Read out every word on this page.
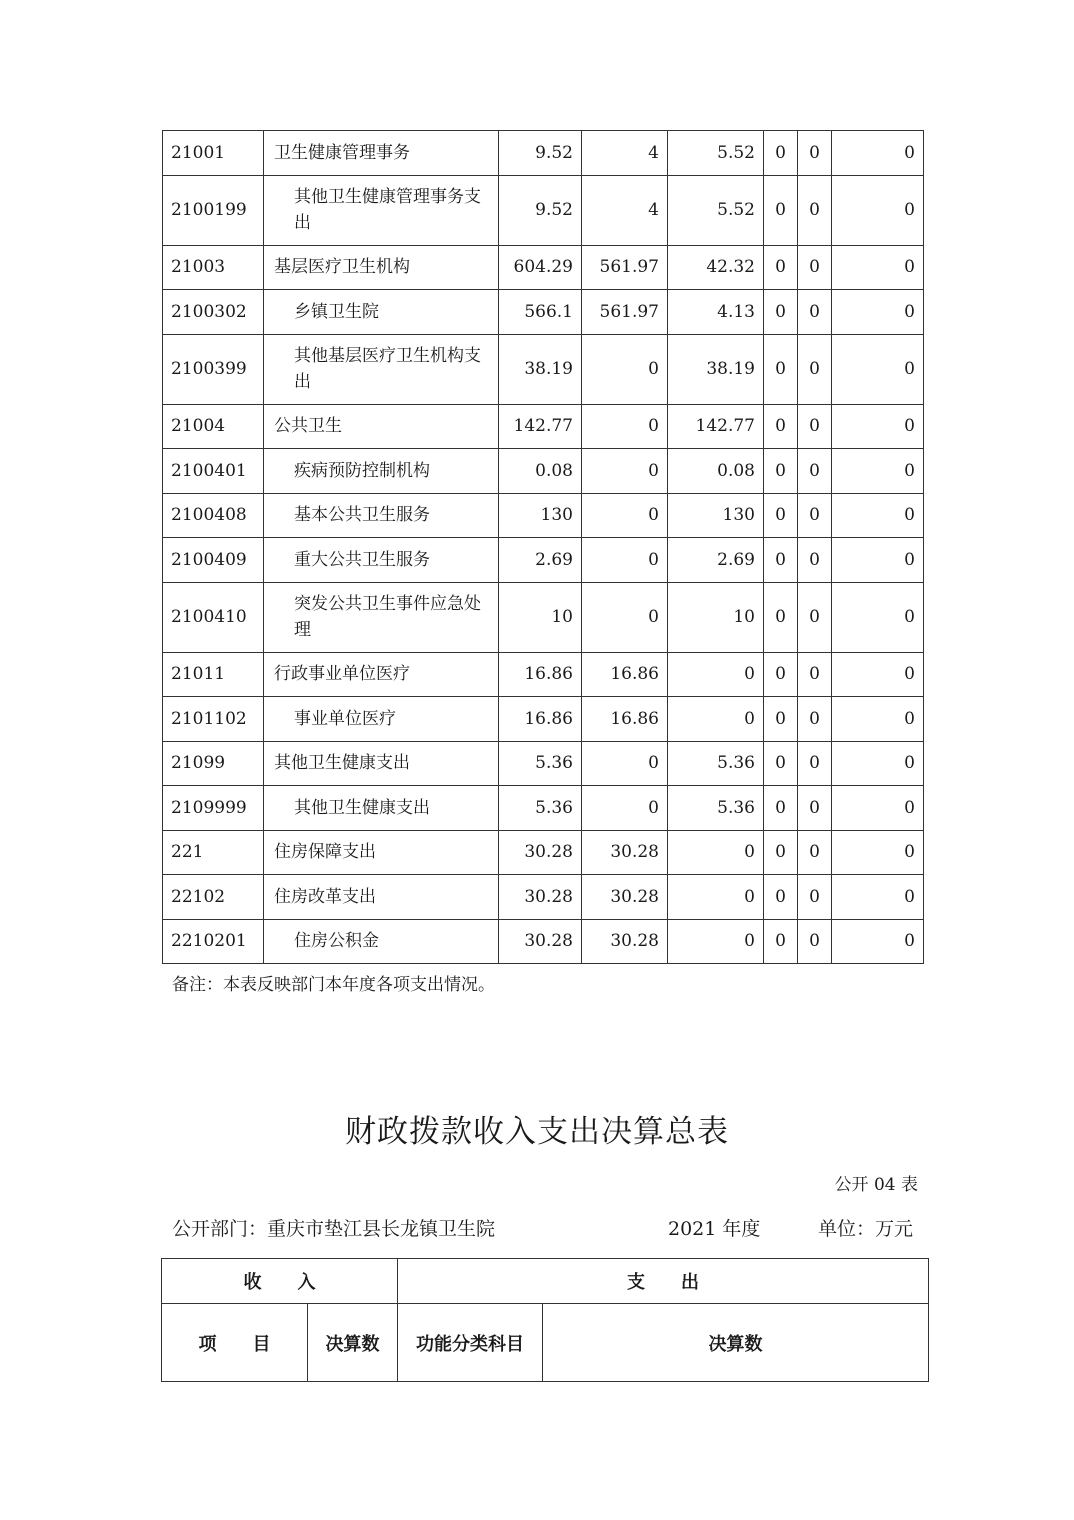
21001	卫生健康管理事务	9.52	4	5.52	0	0	0
2100199	其他卫生健康管理事务支出	9.52	4	5.52	0	0	0
21003	基层医疗卫生机构	604.29	561.97	42.32	0	0	0
2100302	乡镇卫生院	566.1	561.97	4.13	0	0	0
2100399	其他基层医疗卫生机构支出	38.19	0	38.19	0	0	0
21004	公共卫生	142.77	0	142.77	0	0	0
2100401	疾病预防控制机构	0.08	0	0.08	0	0	0
2100408	基本公共卫生服务	130	0	130	0	0	0
2100409	重大公共卫生服务	2.69	0	2.69	0	0	0
2100410	突发公共卫生事件应急处理	10	0	10	0	0	0
21011	行政事业单位医疗	16.86	16.86	0	0	0	0
2101102	事业单位医疗	16.86	16.86	0	0	0	0
21099	其他卫生健康支出	5.36	0	5.36	0	0	0
2109999	其他卫生健康支出	5.36	0	5.36	0	0	0
221	住房保障支出	30.28	30.28	0	0	0	0
22102	住房改革支出	30.28	30.28	0	0	0	0
2210201	住房公积金	30.28	30.28	0	0	0	0
备注：本表反映部门本年度各项支出情况。
财政拨款收入支出决算总表
公开 04 表
公开部门：重庆市垫江县长龙镇卫生院	2021 年度	单位：万元
收　　入		支　　出	
项　　目	决算数	功能分类科目	决算数
